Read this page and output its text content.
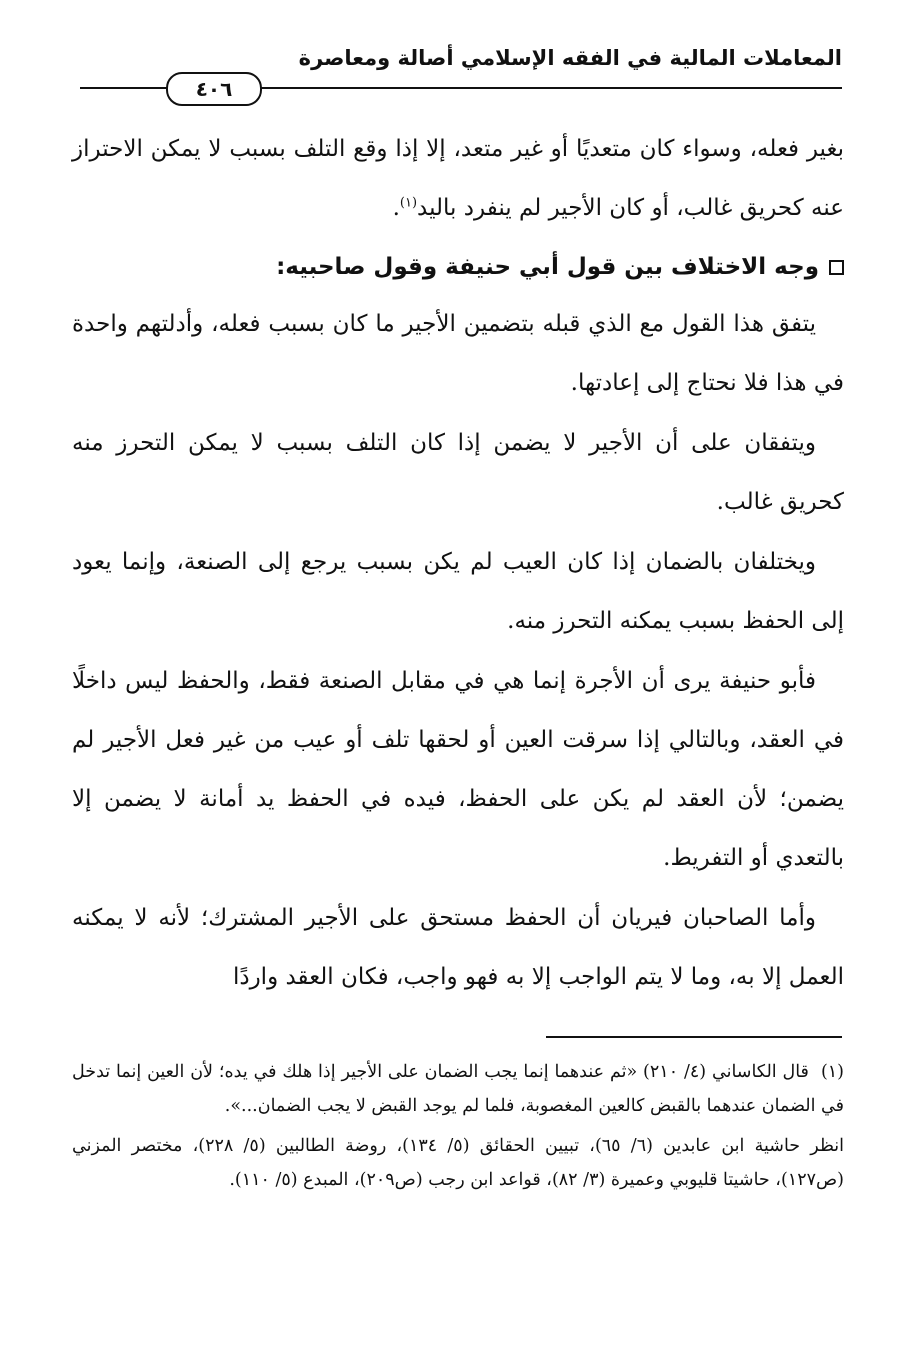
المعاملات المالية في الفقه الإسلامي أصالة ومعاصرة
٤٠٦

بغير فعله، وسواء كان متعديًا أو غير متعد، إلا إذا وقع التلف بسبب لا يمكن الاحتراز عنه كحريق غالب، أو كان الأجير لم ينفرد باليد$^{(١)}$.

وجه الاختلاف بين قول أبي حنيفة وقول صاحبيه:

يتفق هذا القول مع الذي قبله بتضمين الأجير ما كان بسبب فعله، وأدلتهم واحدة في هذا فلا نحتاج إلى إعادتها.

ويتفقان على أن الأجير لا يضمن إذا كان التلف بسبب لا يمكن التحرز منه كحريق غالب.

ويختلفان بالضمان إذا كان العيب لم يكن بسبب يرجع إلى الصنعة، وإنما يعود إلى الحفظ بسبب يمكنه التحرز منه.

فأبو حنيفة يرى أن الأجرة إنما هي في مقابل الصنعة فقط، والحفظ ليس داخلًا في العقد، وبالتالي إذا سرقت العين أو لحقها تلف أو عيب من غير فعل الأجير لم يضمن؛ لأن العقد لم يكن على الحفظ، فيده في الحفظ يد أمانة لا يضمن إلا بالتعدي أو التفريط.

وأما الصاحبان فيريان أن الحفظ مستحق على الأجير المشترك؛ لأنه لا يمكنه العمل إلا به، وما لا يتم الواجب إلا به فهو واجب، فكان العقد واردًا

(١)قال الكاساني (٤/ ٢١٠) «ثم عندهما إنما يجب الضمان على الأجير إذا هلك في يده؛ لأن العين إنما تدخل في الضمان عندهما بالقبض كالعين المغصوبة، فلما لم يوجد القبض لا يجب الضمان...».

انظر حاشية ابن عابدين (٦/ ٦٥)، تبيين الحقائق (٥/ ١٣٤)، روضة الطالبين (٥/ ٢٢٨)، مختصر المزني (ص١٢٧)، حاشيتا قليوبي وعميرة (٣/ ٨٢)، قواعد ابن رجب (ص٢٠٩)، المبدع (٥/ ١١٠).
